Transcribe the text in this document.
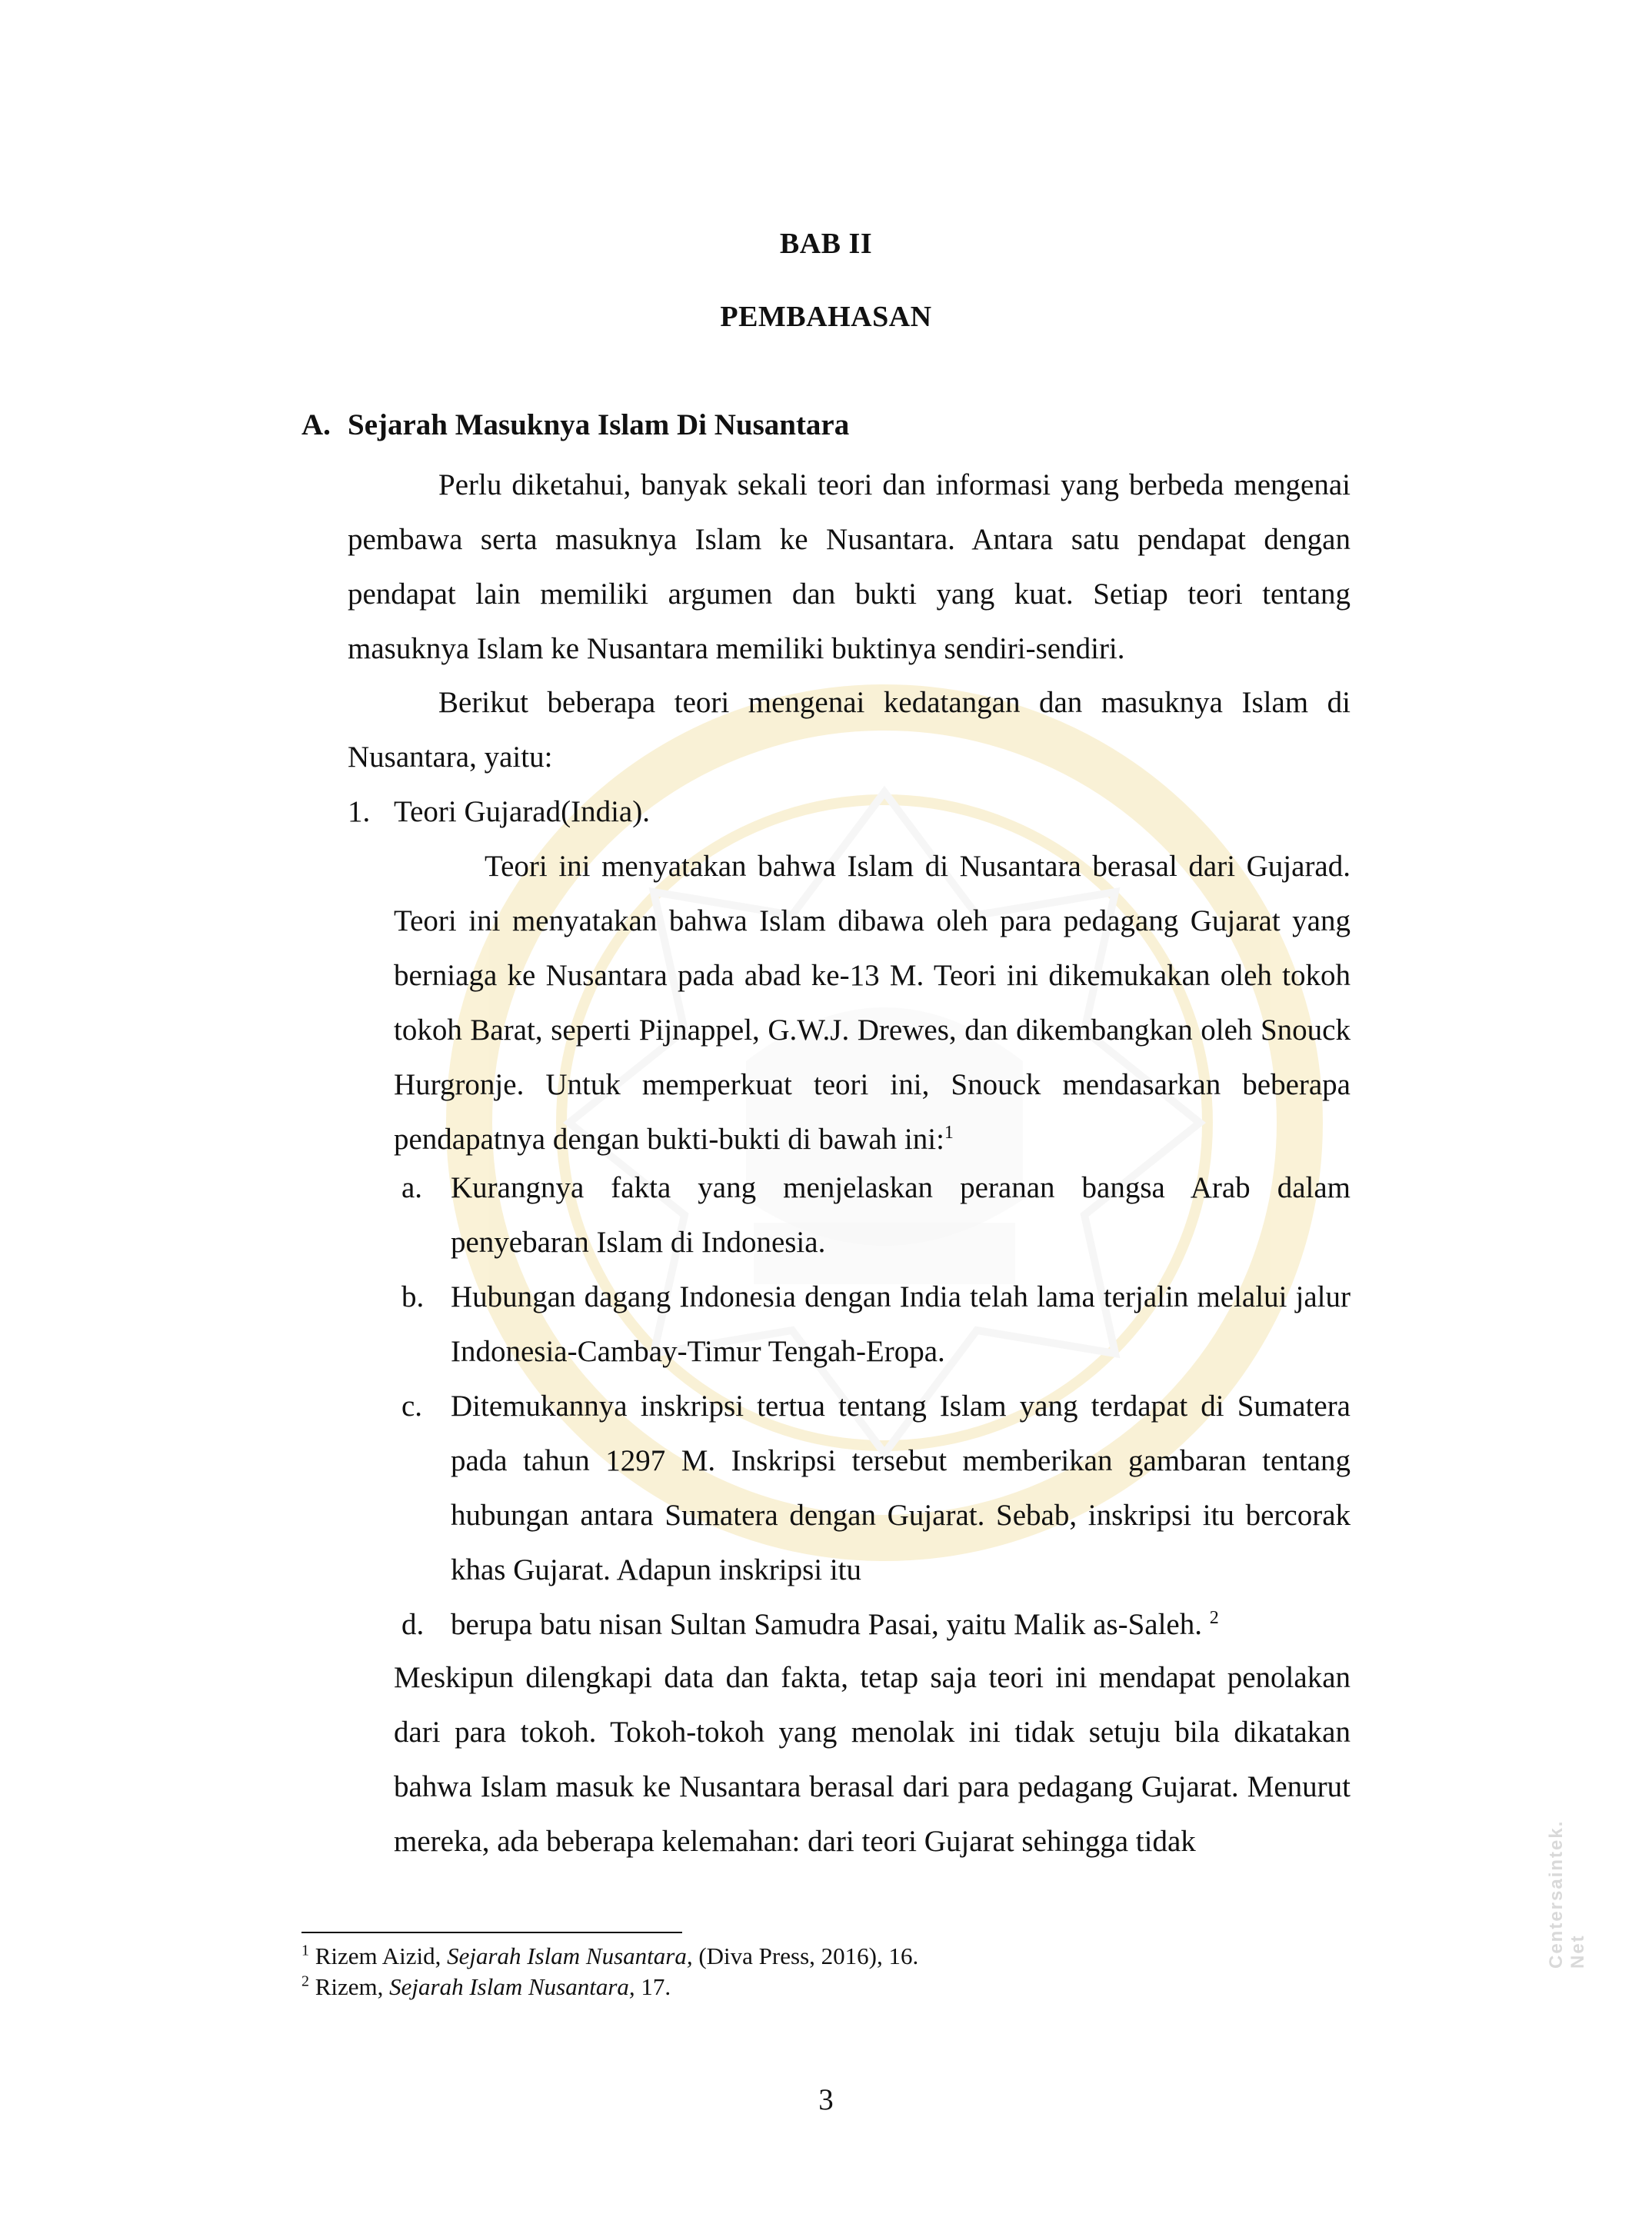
BAB II
PEMBAHASAN
A. Sejarah Masuknya Islam Di Nusantara

Perlu diketahui, banyak sekali teori dan informasi yang berbeda mengenai pembawa serta masuknya Islam ke Nusantara. Antara satu pendapat dengan pendapat lain memiliki argumen dan bukti yang kuat. Setiap teori tentang masuknya Islam ke Nusantara memiliki buktinya sendiri-sendiri.

Berikut beberapa teori mengenai kedatangan dan masuknya Islam di Nusantara, yaitu:

1. Teori Gujarad(India).

Teori ini menyatakan bahwa Islam di Nusantara berasal dari Gujarad. Teori ini menyatakan bahwa Islam dibawa oleh para pedagang Gujarat yang berniaga ke Nusantara pada abad ke-13 M. Teori ini dikemukakan oleh tokoh tokoh Barat, seperti Pijnappel, G.W.J. Drewes, dan dikembangkan oleh Snouck Hurgronje. Untuk memperkuat teori ini, Snouck mendasarkan beberapa pendapatnya dengan bukti-bukti di bawah ini:$^1$

a. Kurangnya fakta yang menjelaskan peranan bangsa Arab dalam penyebaran Islam di Indonesia.
b. Hubungan dagang Indonesia dengan India telah lama terjalin melalui jalur Indonesia-Cambay-Timur Tengah-Eropa.
c. Ditemukannya inskripsi tertua tentang Islam yang terdapat di Sumatera pada tahun 1297 M. Inskripsi tersebut memberikan gambaran tentang hubungan antara Sumatera dengan Gujarat. Sebab, inskripsi itu bercorak khas Gujarat. Adapun inskripsi itu
d. berupa batu nisan Sultan Samudra Pasai, yaitu Malik as-Saleh. $^2$

Meskipun dilengkapi data dan fakta, tetap saja teori ini mendapat penolakan dari para tokoh. Tokoh-tokoh yang menolak ini tidak setuju bila dikatakan bahwa Islam masuk ke Nusantara berasal dari para pedagang Gujarat. Menurut mereka, ada beberapa kelemahan: dari teori Gujarat sehingga tidak

$^1$ Rizem Aizid, Sejarah Islam Nusantara, (Diva Press, 2016), 16.
$^2$ Rizem, Sejarah Islam Nusantara, 17.
3
Centersaintek. Net
